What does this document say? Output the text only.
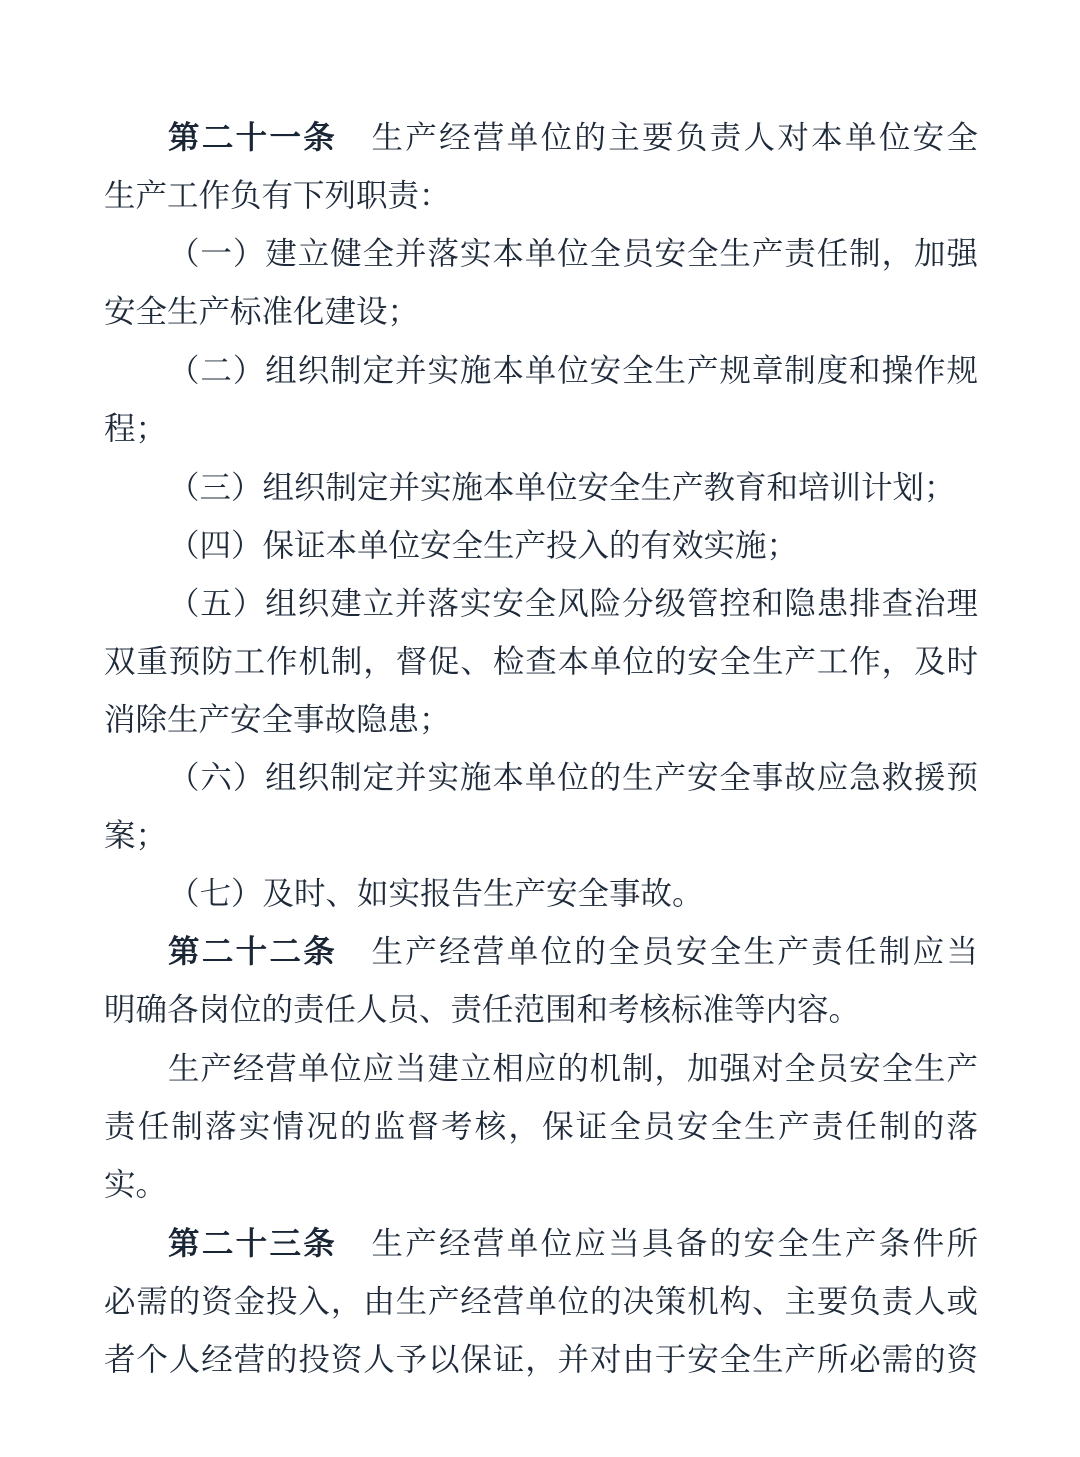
第二十一条 生产经营单位的主要负责人对本单位安全
生产工作负有下列职责：
（一）建立健全并落实本单位全员安全生产责任制，加强
安全生产标准化建设；
（二）组织制定并实施本单位安全生产规章制度和操作规
程；
（三）组织制定并实施本单位安全生产教育和培训计划；
（四）保证本单位安全生产投入的有效实施；
（五）组织建立并落实安全风险分级管控和隐患排查治理
双重预防工作机制，督促、检查本单位的安全生产工作，及时
消除生产安全事故隐患；
（六）组织制定并实施本单位的生产安全事故应急救援预
案；
（七）及时、如实报告生产安全事故。
第二十二条 生产经营单位的全员安全生产责任制应当
明确各岗位的责任人员、责任范围和考核标准等内容。
生产经营单位应当建立相应的机制，加强对全员安全生产
责任制落实情况的监督考核，保证全员安全生产责任制的落
实。
第二十三条 生产经营单位应当具备的安全生产条件所
必需的资金投入，由生产经营单位的决策机构、主要负责人或
者个人经营的投资人予以保证，并对由于安全生产所必需的资
